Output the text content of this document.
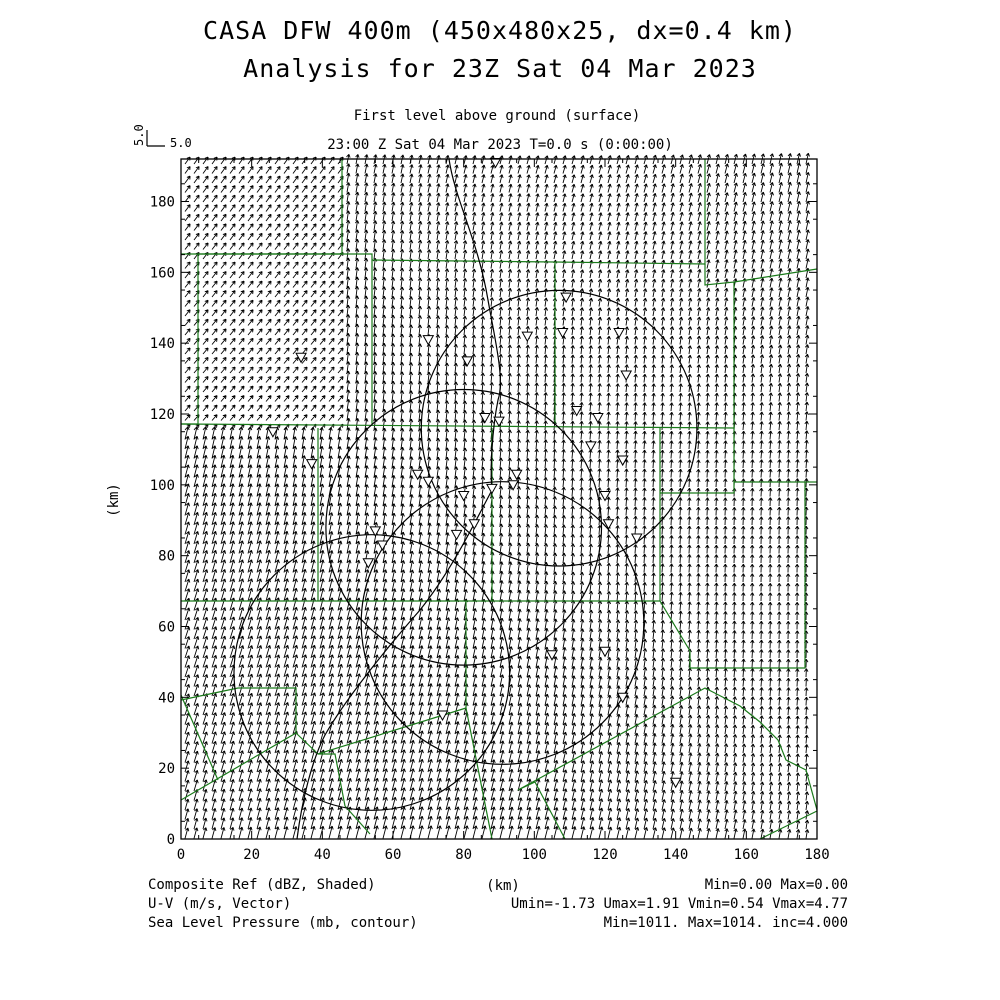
CASA DFW 400m (450x480x25, dx=0.4 km)
Analysis for 23Z Sat 04 Mar 2023
First level above ground (surface)
23:00 Z Sat 04 Mar 2023 T=0.0 s (0:00:00)
5.0 5.0
0	20	40	60	80	100	120	140	160	180
0
20
40
60
80
100
120
140
160
180
(km)
(km)
Composite Ref (dBZ, Shaded)
U-V (m/s, Vector)
Sea Level Pressure (mb, contour)
Min=0.00 Max=0.00
Umin=-1.73 Umax=1.91 Vmin=0.54 Vmax=4.77
Min=1011. Max=1014. inc=4.000
